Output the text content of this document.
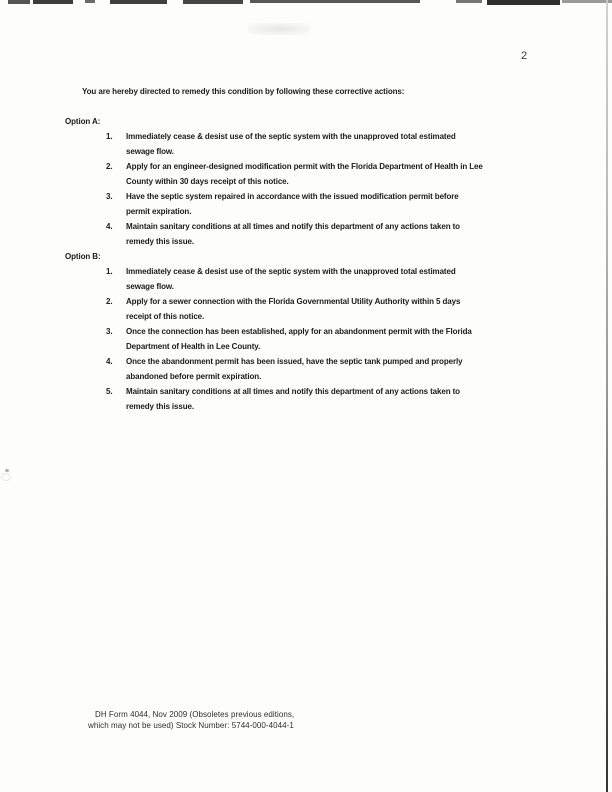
2
You are hereby directed to remedy this condition by following these corrective actions:
Option A:
1.	Immediately cease & desist use of the septic system with the unapproved total estimated
sewage flow.
2.	Apply for an engineer-designed modification permit with the Florida Department of Health in Lee
County within 30 days receipt of this notice.
3.	Have the septic system repaired in accordance with the issued modification permit before
permit expiration.
4.	Maintain sanitary conditions at all times and notify this department of any actions taken to
remedy this issue.
Option B:
1.	Immediately cease & desist use of the septic system with the unapproved total estimated
sewage flow.
2.	Apply for a sewer connection with the Florida Governmental Utility Authority within 5 days
receipt of this notice.
3.	Once the connection has been established, apply for an abandonment permit with the Florida
Department of Health in Lee County.
4.	Once the abandonment permit has been issued, have the septic tank pumped and properly
abandoned before permit expiration.
5.	Maintain sanitary conditions at all times and notify this department of any actions taken to
remedy this issue.
DH Form 4044, Nov 2009 (Obsoletes previous editions,
which may not be used) Stock Number: 5744-000-4044-1
